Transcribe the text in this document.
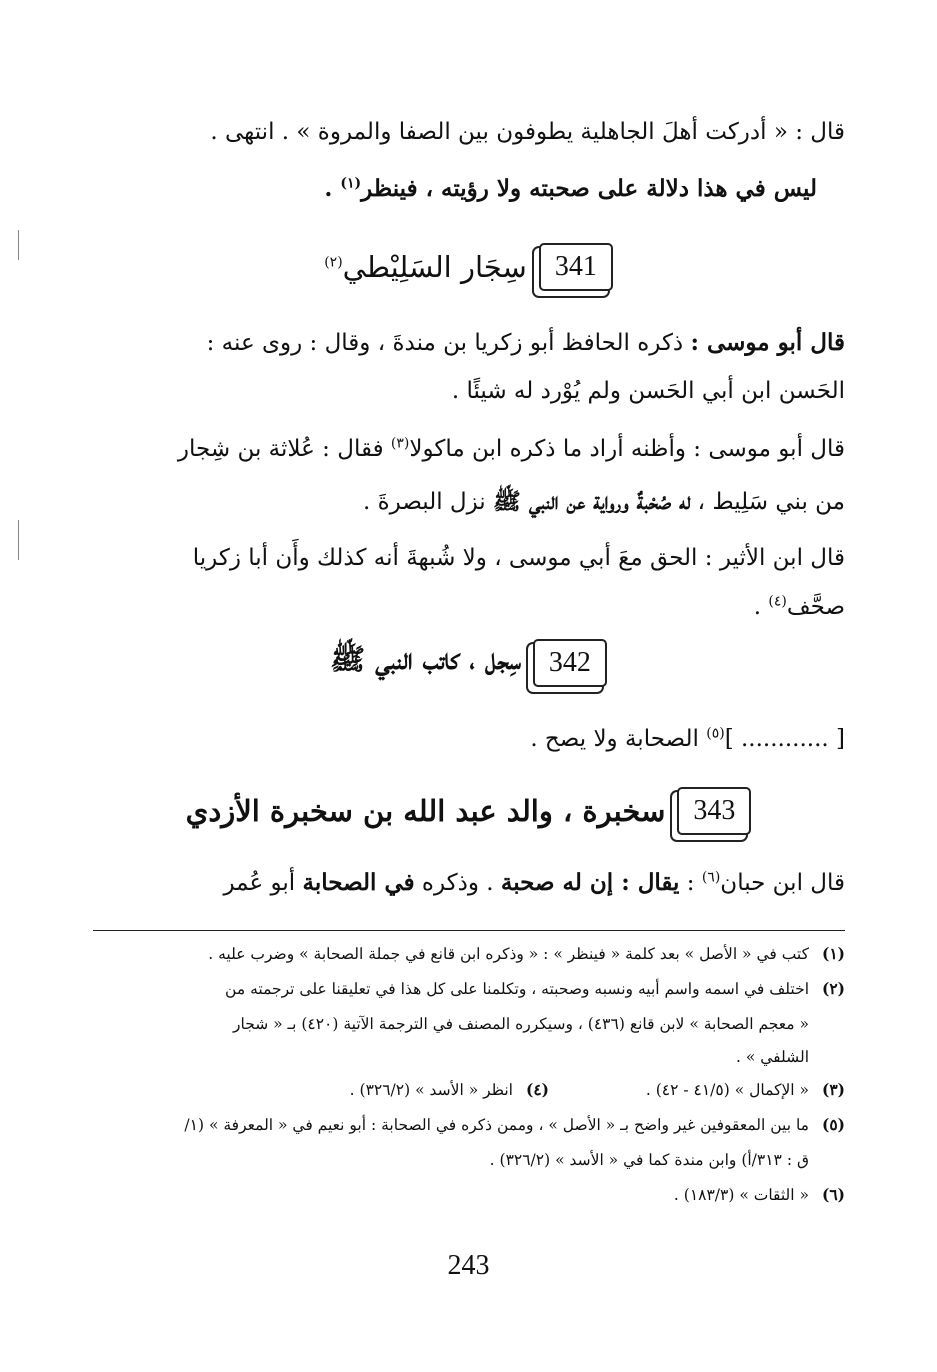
قال : « أدركت أهلَ الجاهلية يطوفون بين الصفا والمروة » . انتهى .
ليس في هذا دلالة على صحبته ولا رؤيته ، فينظر$^{(١)}$ .
341
سِجَار السَلِيْطي$^{(٢)}$
قال أبو موسى : ذكره الحافظ أبو زكريا بن مندةَ ، وقال : روى عنه :
الحَسن ابن أبي الحَسن ولم يُوْرد له شيئًا .
قال أبو موسى : وأظنه أراد ما ذكره ابن ماكولا$^{(٣)}$ فقال : عُلاثة بن شِجار
من بني سَلِيط ، له صُحْبةٌ ورواية عن النبي ﷺ نزل البصرةَ .
قال ابن الأثير : الحق معَ أبي موسى ، ولا شُبهةَ أنه كذلك وأَن أبا زكريا
صحَّف$^{(٤)}$ .
342
سِجل ، كاتب النبي ﷺ
[ ............ ]$^{(٥)}$ الصحابة ولا يصح .
343
سخبرة ، والد عبد الله بن سخبرة الأزدي
قال ابن حبان$^{(٦)}$ : يقال : إن له صحبة . وذكره في الصحابة أبو عُمر
(١)كتب في « الأصل » بعد كلمة « فينظر » : « وذكره ابن قانع في جملة الصحابة » وضرب عليه .
(٢)اختلف في اسمه واسم أبيه ونسبه وصحبته ، وتكلمنا على كل هذا في تعليقنا على ترجمته من
« معجم الصحابة » لابن قانع (٤٣٦) ، وسيكرره المصنف في الترجمة الآتية (٤٢٠) بـ « شجار
الشلفي » .
(٣)« الإكمال » (٤١/٥ - ٤٢) .(٤)انظر « الأسد » (٣٢٦/٢) .
(٥)ما بين المعقوفين غير واضح بـ « الأصل » ، وممن ذكره في الصحابة : أبو نعيم في « المعرفة » (١/
ق : ٣١٣/أ) وابن مندة كما في « الأسد » (٣٢٦/٢) .
(٦)« الثقات » (١٨٣/٣) .
243
